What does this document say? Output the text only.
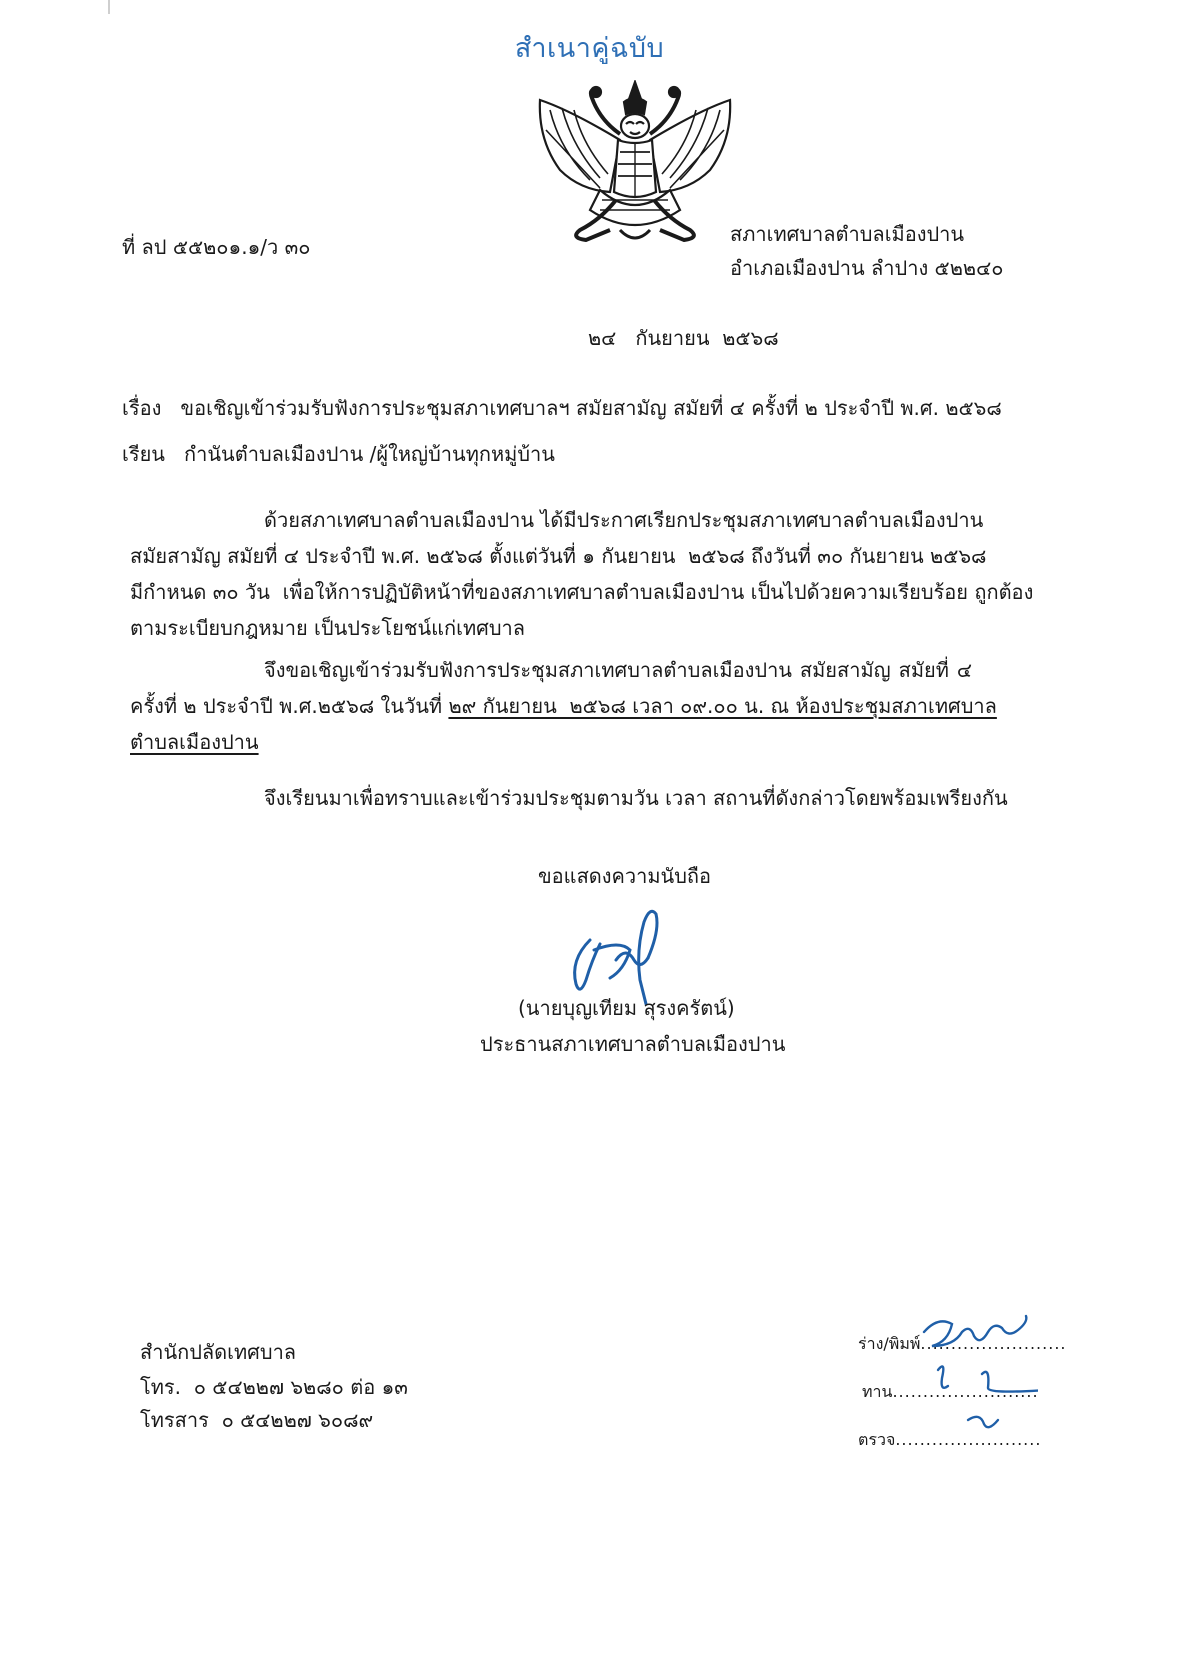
สำเนาคู่ฉบับ
ที่ ลป ๕๕๒๐๑.๑/ว ๓๐
สภาเทศบาลตำบลเมืองปาน
อำเภอเมืองปาน ลำปาง ๕๒๒๔๐
๒๔   กันยายน  ๒๕๖๘
เรื่อง   ขอเชิญเข้าร่วมรับฟังการประชุมสภาเทศบาลฯ สมัยสามัญ สมัยที่ ๔ ครั้งที่ ๒ ประจำปี พ.ศ. ๒๕๖๘
เรียน   กำนันตำบลเมืองปาน /ผู้ใหญ่บ้านทุกหมู่บ้าน
ด้วยสภาเทศบาลตำบลเมืองปาน ได้มีประกาศเรียกประชุมสภาเทศบาลตำบลเมืองปาน
สมัยสามัญ สมัยที่ ๔ ประจำปี พ.ศ. ๒๕๖๘ ตั้งแต่วันที่ ๑ กันยายน  ๒๕๖๘ ถึงวันที่ ๓๐ กันยายน ๒๕๖๘
มีกำหนด ๓๐ วัน  เพื่อให้การปฏิบัติหน้าที่ของสภาเทศบาลตำบลเมืองปาน เป็นไปด้วยความเรียบร้อย ถูกต้อง
ตามระเบียบกฎหมาย เป็นประโยชน์แก่เทศบาล
จึงขอเชิญเข้าร่วมรับฟังการประชุมสภาเทศบาลตำบลเมืองปาน สมัยสามัญ สมัยที่ ๔
ครั้งที่ ๒ ประจำปี พ.ศ.๒๕๖๘ ในวันที่ ๒๙ กันยายน  ๒๕๖๘ เวลา ๐๙.๐๐ น. ณ ห้องประชุมสภาเทศบาล
ตำบลเมืองปาน
จึงเรียนมาเพื่อทราบและเข้าร่วมประชุมตามวัน เวลา สถานที่ดังกล่าวโดยพร้อมเพรียงกัน
ขอแสดงความนับถือ
(นายบุญเทียม สุรงครัตน์)
ประธานสภาเทศบาลตำบลเมืองปาน
สำนักปลัดเทศบาล
โทร.  ๐ ๕๔๒๒๗ ๖๒๘๐ ต่อ ๑๓
โทรสาร  ๐ ๕๔๒๒๗ ๖๐๘๙
ร่าง/พิมพ์........................
ทาน........................
ตรวจ........................
